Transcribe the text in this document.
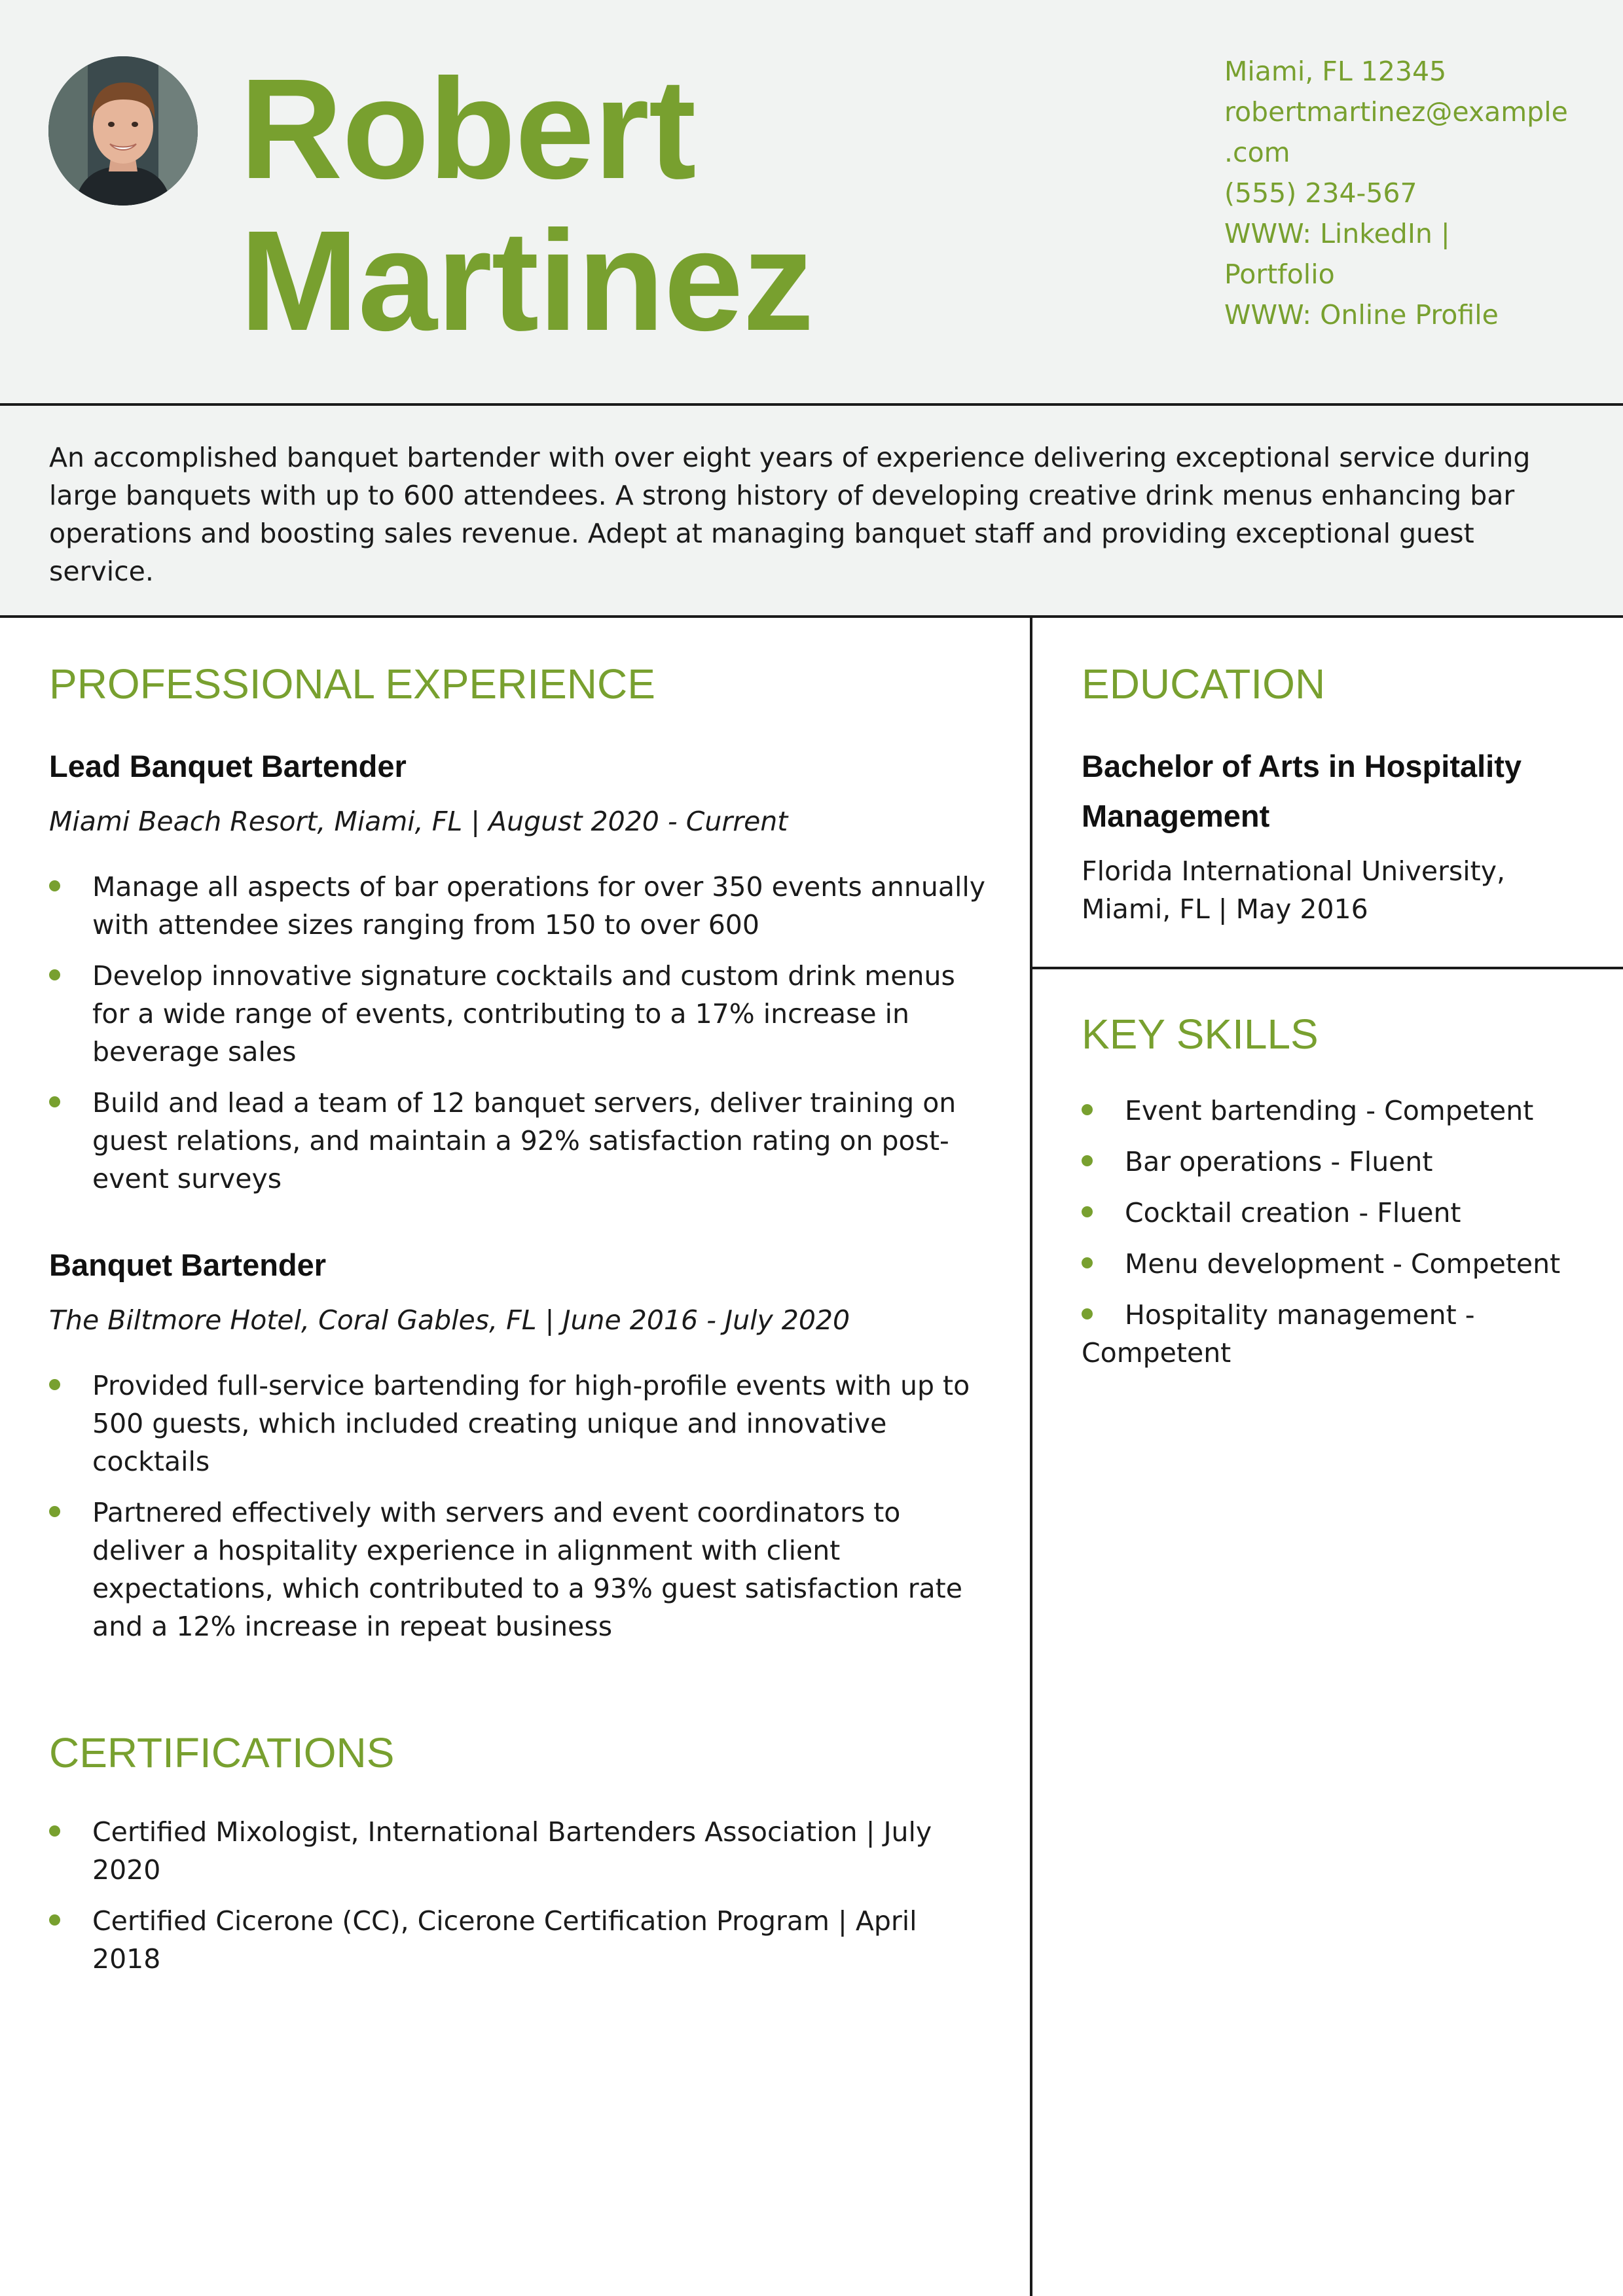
Robert
Martinez
Miami, FL 12345
robertmartinez@example
.com
(555) 234-567
WWW: LinkedIn |
Portfolio
WWW: Online Profile

An accomplished banquet bartender with over eight years of experience delivering exceptional service during large banquets with up to 600 attendees. A strong history of developing creative drink menus enhancing bar operations and boosting sales revenue. Adept at managing banquet staff and providing exceptional guest service.

PROFESSIONAL EXPERIENCE
Lead Banquet Bartender

Miami Beach Resort, Miami, FL | August 2020 - Current

Manage all aspects of bar operations for over 350 events annually with attendee sizes ranging from 150 to over 600
Develop innovative signature cocktails and custom drink menus for a wide range of events, contributing to a 17% increase in beverage sales
Build and lead a team of 12 banquet servers, deliver training on guest relations, and maintain a 92% satisfaction rating on post-event surveys
Banquet Bartender

The Biltmore Hotel, Coral Gables, FL | June 2016 - July 2020

Provided full-service bartending for high-profile events with up to 500 guests, which included creating unique and innovative cocktails
Partnered effectively with servers and event coordinators to deliver a hospitality experience in alignment with client expectations, which contributed to a 93% guest satisfaction rate and a 12% increase in repeat business
CERTIFICATIONS
Certified Mixologist, International Bartenders Association | July 2020
Certified Cicerone (CC), Cicerone Certification Program | April 2018
EDUCATION
Bachelor of Arts in Hospitality Management

Florida International University, Miami, FL | May 2016

KEY SKILLS
Event bartending - Competent
Bar operations - Fluent
Cocktail creation - Fluent
Menu development - Competent
Hospitality management - Competent
